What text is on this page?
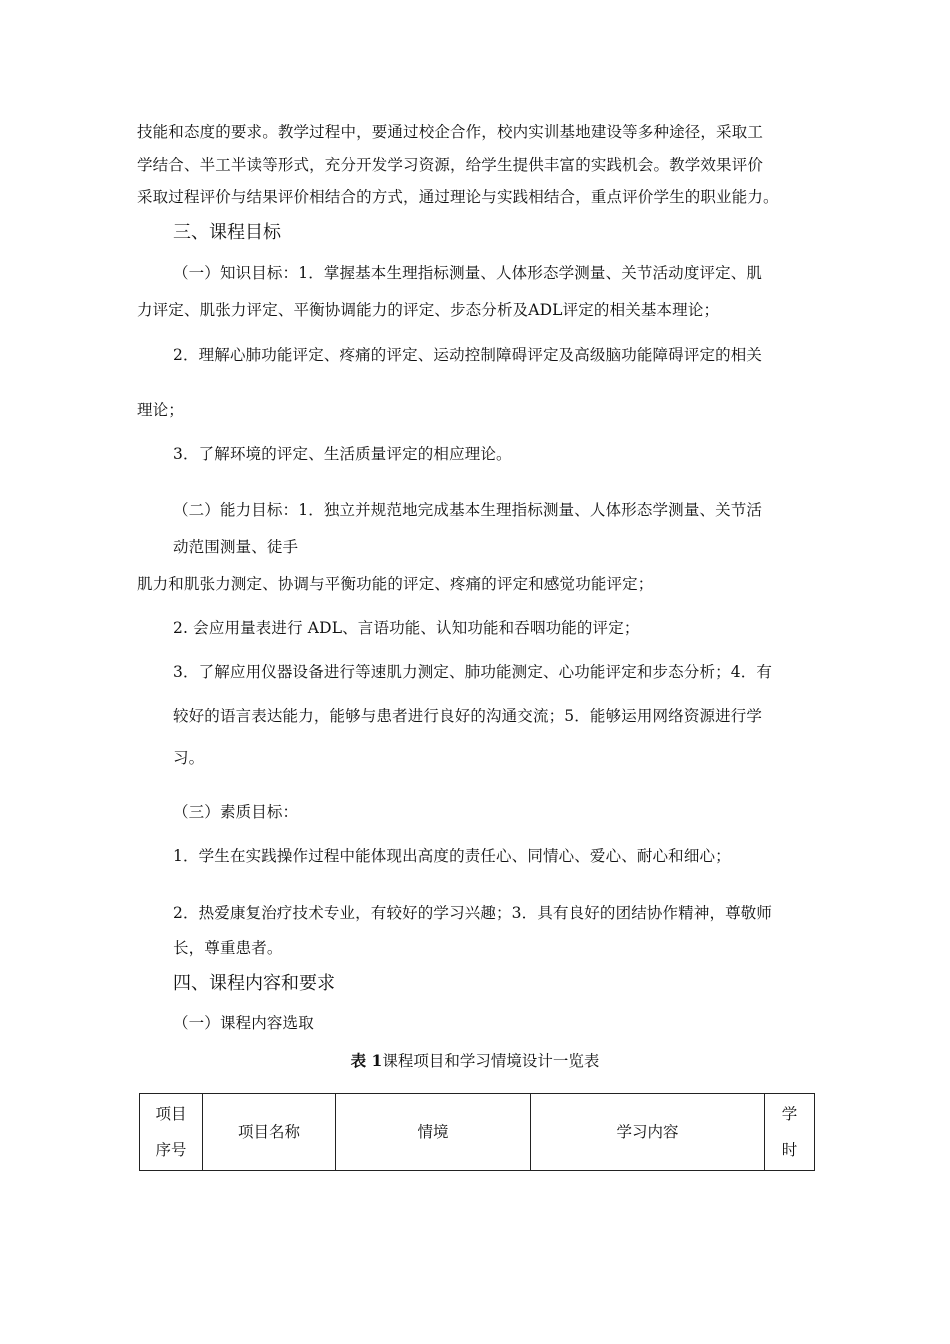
技能和态度的要求。教学过程中，要通过校企合作，校内实训基地建设等多种途径，采取工
学结合、半工半读等形式，充分开发学习资源，给学生提供丰富的实践机会。教学效果评价
采取过程评价与结果评价相结合的方式，通过理论与实践相结合，重点评价学生的职业能力。
三、课程目标
（一）知识目标：1．掌握基本生理指标测量、人体形态学测量、关节活动度评定、肌
力评定、肌张力评定、平衡协调能力的评定、步态分析及ADL评定的相关基本理论；
2．理解心肺功能评定、疼痛的评定、运动控制障碍评定及高级脑功能障碍评定的相关
理论；
3．了解环境的评定、生活质量评定的相应理论。
（二）能力目标：1．独立并规范地完成基本生理指标测量、人体形态学测量、关节活
动范围测量、徒手
肌力和肌张力测定、协调与平衡功能的评定、疼痛的评定和感觉功能评定；
2. 会应用量表进行 ADL、言语功能、认知功能和吞咽功能的评定；
3．了解应用仪器设备进行等速肌力测定、肺功能测定、心功能评定和步态分析；4．有
较好的语言表达能力，能够与患者进行良好的沟通交流；5．能够运用网络资源进行学
习。
（三）素质目标：
1．学生在实践操作过程中能体现出高度的责任心、同情心、爱心、耐心和细心；
2．热爱康复治疗技术专业，有较好的学习兴趣；3．具有良好的团结协作精神，尊敬师
长，尊重患者。
四、课程内容和要求
（一）课程内容选取
表 1课程项目和学习情境设计一览表
项目序号	项目名称	情境	学习内容	学时
